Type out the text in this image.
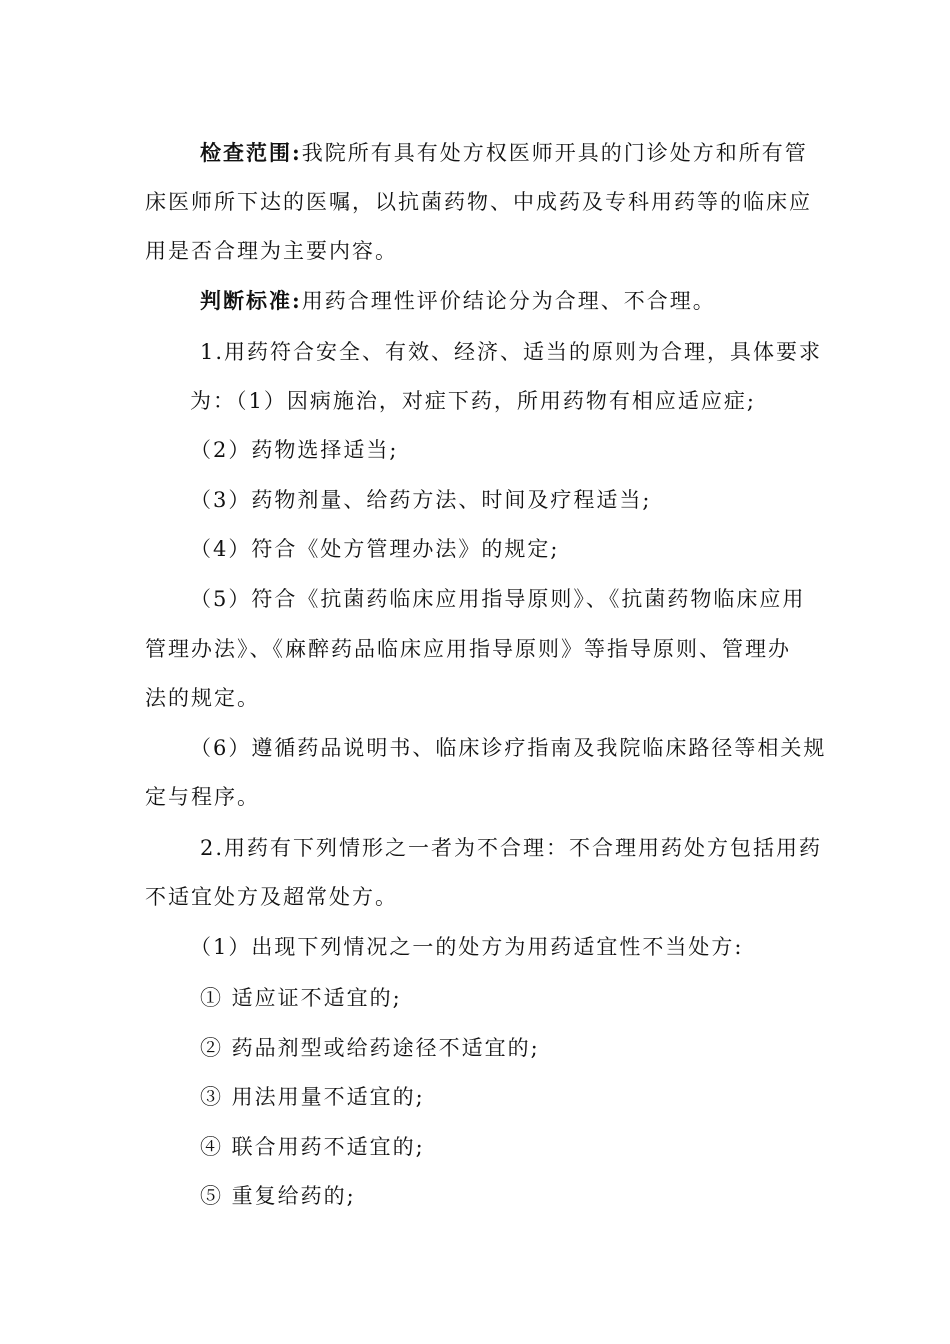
检查范围:我院所有具有处方权医师开具的门诊处方和所有管
床医师所下达的医嘱，以抗菌药物、中成药及专科用药等的临床应
用是否合理为主要内容。
判断标准:用药合理性评价结论分为合理、不合理。
1.用药符合安全、有效、经济、适当的原则为合理，具体要求
为：（1）因病施治，对症下药，所用药物有相应适应症;
（2）药物选择适当;
（3）药物剂量、给药方法、时间及疗程适当;
（4）符合《处方管理办法》的规定;
（5）符合《抗菌药临床应用指导原则》、《抗菌药物临床应用
管理办法》、《麻醉药品临床应用指导原则》等指导原则、管理办
法的规定。
（6）遵循药品说明书、临床诊疗指南及我院临床路径等相关规
定与程序。
2.用药有下列情形之一者为不合理：不合理用药处方包括用药
不适宜处方及超常处方。
（1）出现下列情况之一的处方为用药适宜性不当处方:
① 适应证不适宜的;
② 药品剂型或给药途径不适宜的;
③ 用法用量不适宜的;
④ 联合用药不适宜的;
⑤ 重复给药的;
